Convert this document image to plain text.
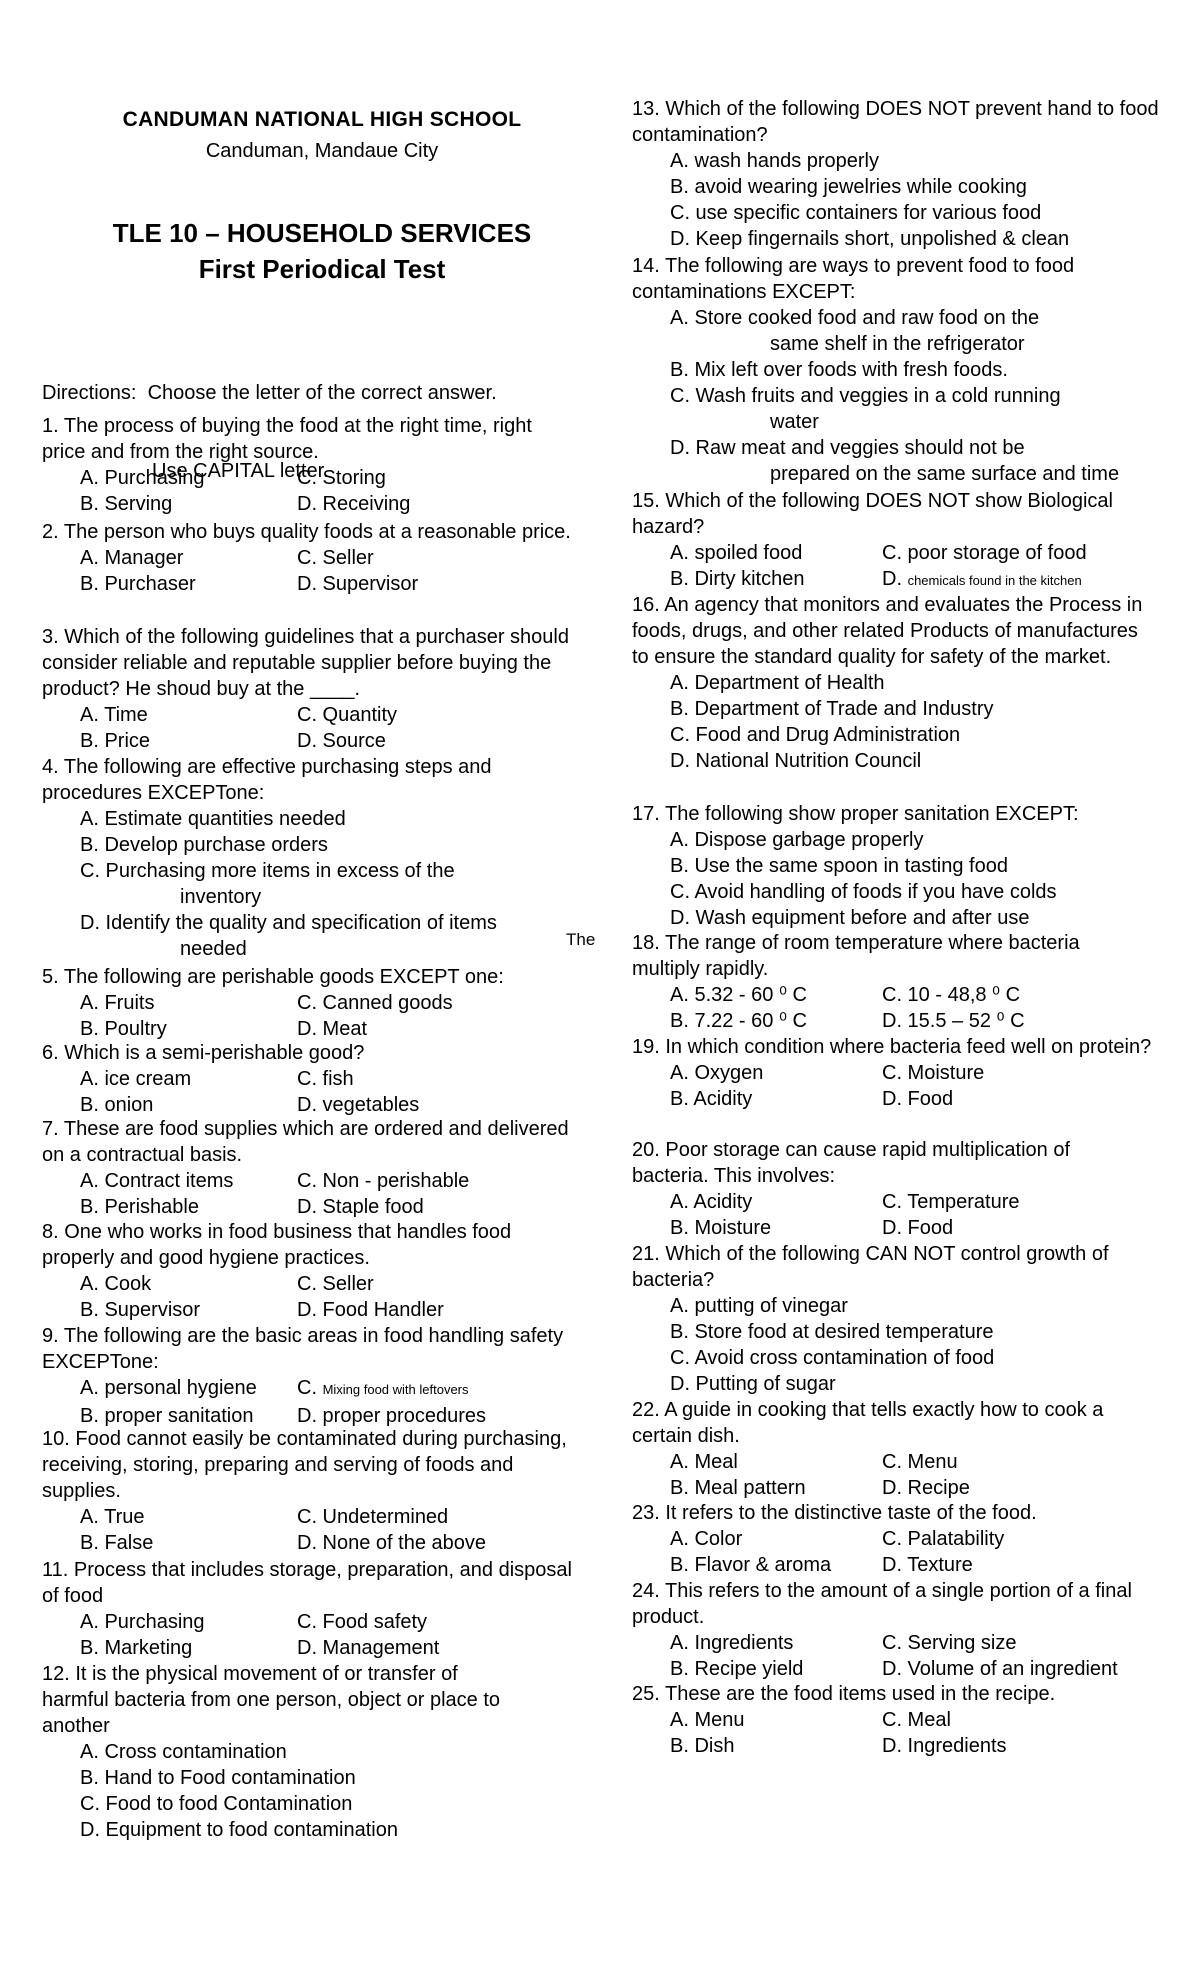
CANDUMAN NATIONAL HIGH SCHOOL
Canduman, Mandaue City
TLE 10 – HOUSEHOLD SERVICES
First Periodical Test

Directions:  Choose the letter of the correct answer.

Use CAPITAL letter.

1. The process of buying the food at the right time, right price and from the right source.
A. Purchasing	C. Storing
B. Serving	D. Receiving
2. The person who buys quality foods at a reasonable price.
A. Manager	C. Seller
B. Purchaser	D. Supervisor
3. Which of the following guidelines that a purchaser should consider reliable and reputable supplier before buying the product? He shoud buy at the ____.
A. Time	C. Quantity
B. Price	D. Source
4. The following are effective purchasing steps and procedures EXCEPTone:
A. Estimate quantities needed
B. Develop purchase orders
C. Purchasing more items in excess of the
inventory
D. Identify the quality and specification of items
needed
5. The following are perishable goods EXCEPT one:
A. Fruits	C. Canned goods
B. Poultry	D. Meat
6. Which is a semi-perishable good?
A. ice cream	C. fish
B. onion	D. vegetables
7. These are food supplies which are ordered and delivered on a contractual basis.
A. Contract items	C. Non - perishable
B. Perishable	D. Staple food
8. One who works in food business that handles food properly and good hygiene practices.
A. Cook	C. Seller
B. Supervisor	D. Food Handler
9. The following are the basic areas in food handling safety EXCEPTone:
A. personal hygiene	C. Mixing food with leftovers
B. proper sanitation	D. proper procedures
10. Food cannot easily be contaminated during purchasing, receiving, storing, preparing and serving of foods and supplies.
A. True	C. Undetermined
B. False	D. None of the above
11. Process that includes storage, preparation, and disposal of food
A. Purchasing	C. Food safety
B. Marketing	D. Management
12. It is the physical movement of or transfer of harmful bacteria from one person, object or place to another
A. Cross contamination
B. Hand to Food contamination
C. Food to food Contamination
D. Equipment to food contamination
The
13. Which of the following DOES NOT prevent hand to food contamination?
A. wash hands properly
B. avoid wearing jewelries while cooking
C. use specific containers for various food
D. Keep fingernails short, unpolished & clean
14. The following are ways to prevent food to food contaminations EXCEPT:
A. Store cooked food and raw food on the
same shelf in the refrigerator
B. Mix left over foods with fresh foods.
C. Wash fruits and veggies in a cold running
water
D. Raw meat and veggies should not be
prepared on the same surface and time
15. Which of the following DOES NOT show Biological hazard?
A. spoiled food	C. poor storage of food
B. Dirty kitchen	D. chemicals found in the kitchen
16. An agency that monitors and evaluates the Process in foods, drugs, and other related Products of manufactures to ensure the standard quality for safety of the market.
A. Department of Health
B. Department of Trade and Industry
C. Food and Drug Administration
D. National Nutrition Council
17. The following show proper sanitation EXCEPT:
A. Dispose garbage properly
B. Use the same spoon in tasting food
C. Avoid handling of foods if you have colds
D. Wash equipment before and after use
18. The range of room temperature where bacteria multiply rapidly.
A. 5.32 - 60 ⁰ C	C. 10 - 48,8 ⁰ C
B. 7.22 - 60 ⁰ C	D. 15.5 – 52 ⁰ C
19. In which condition where bacteria feed well on protein?
A. Oxygen	C. Moisture
B. Acidity	D. Food
20. Poor storage can cause rapid multiplication of bacteria. This involves:
A. Acidity	C. Temperature
B. Moisture	D. Food
21. Which of the following CAN NOT control growth of bacteria?
A. putting of vinegar
B. Store food at desired temperature
C. Avoid cross contamination of food
D. Putting of sugar
22. A guide in cooking that tells exactly how to cook a certain dish.
A. Meal	C. Menu
B. Meal pattern	D. Recipe
23. It refers to the distinctive taste of the food.
A. Color	C. Palatability
B. Flavor & aroma	D. Texture
24. This refers to the amount of a single portion of a final product.
A. Ingredients	C. Serving size
B. Recipe yield	D. Volume of an ingredient
25. These are the food items used in the recipe.
A. Menu	C. Meal
B. Dish	D. Ingredients
